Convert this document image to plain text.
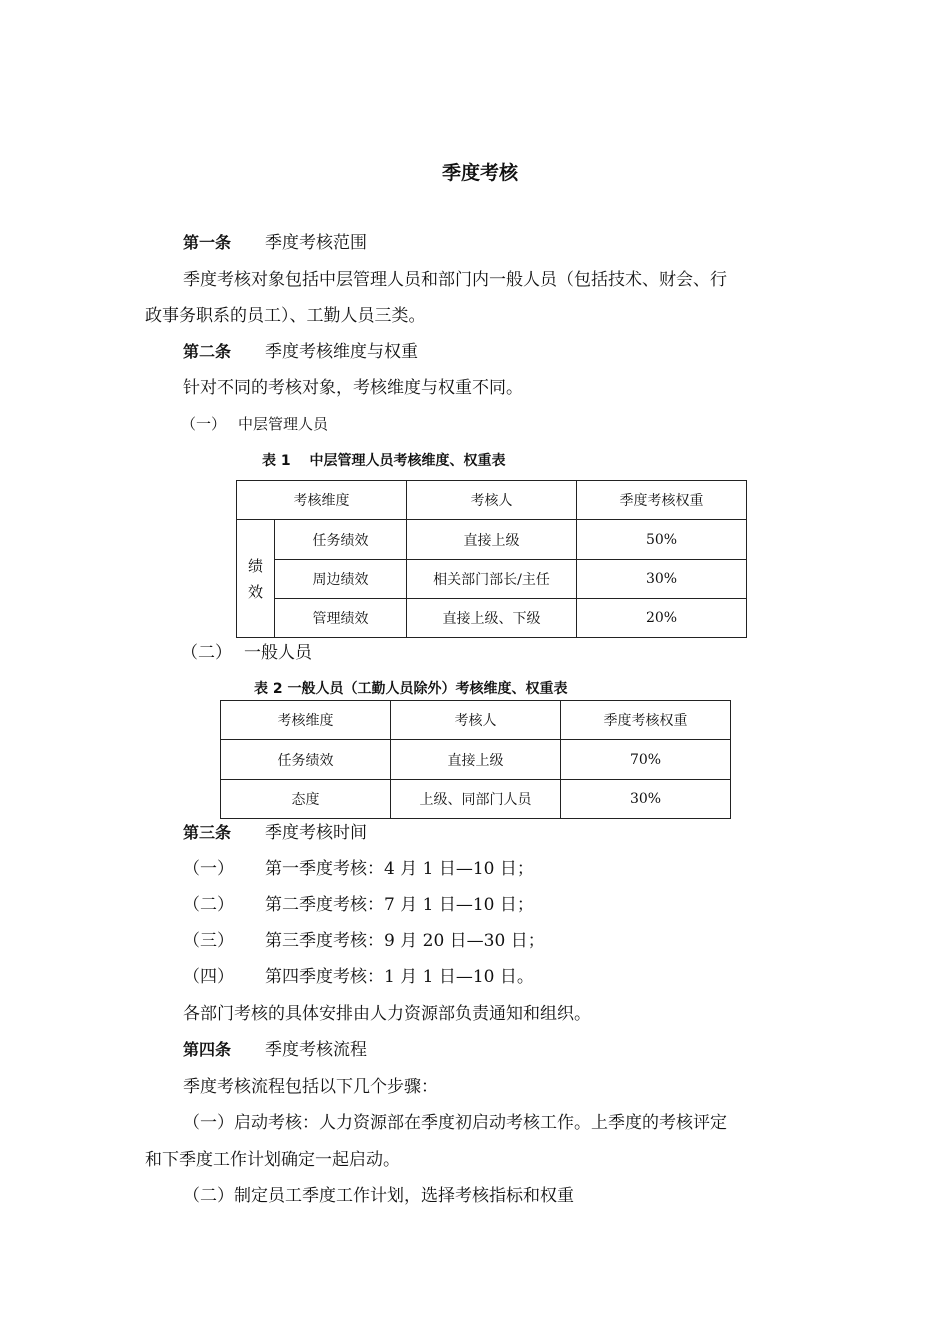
季度考核
第一条 季度考核范围
季度考核对象包括中层管理人员和部门内一般人员（包括技术、财会、行
政事务职系的员工）、工勤人员三类。
第二条 季度考核维度与权重
针对不同的考核对象，考核维度与权重不同。
（一） 中层管理人员
表 1　 中层管理人员考核维度、权重表
考核维度		考核人	季度考核权重

绩效	任务绩效	直接上级	50%
	周边绩效	相关部门部长/主任	30%
	管理绩效	直接上级、下级	20%
（二） 一般人员
表 2 一般人员（工勤人员除外）考核维度、权重表
考核维度	考核人	季度考核权重
任务绩效	直接上级	70%
态度	上级、同部门人员	30%
第三条 季度考核时间
（一） 第一季度考核：4 月 1 日—10 日；
（二） 第二季度考核：7 月 1 日—10 日；
（三） 第三季度考核：9 月 20 日—30 日；
（四） 第四季度考核：1 月 1 日—10 日。
各部门考核的具体安排由人力资源部负责通知和组织。
第四条 季度考核流程
季度考核流程包括以下几个步骤：
（一）启动考核：人力资源部在季度初启动考核工作。上季度的考核评定
和下季度工作计划确定一起启动。
（二）制定员工季度工作计划，选择考核指标和权重
